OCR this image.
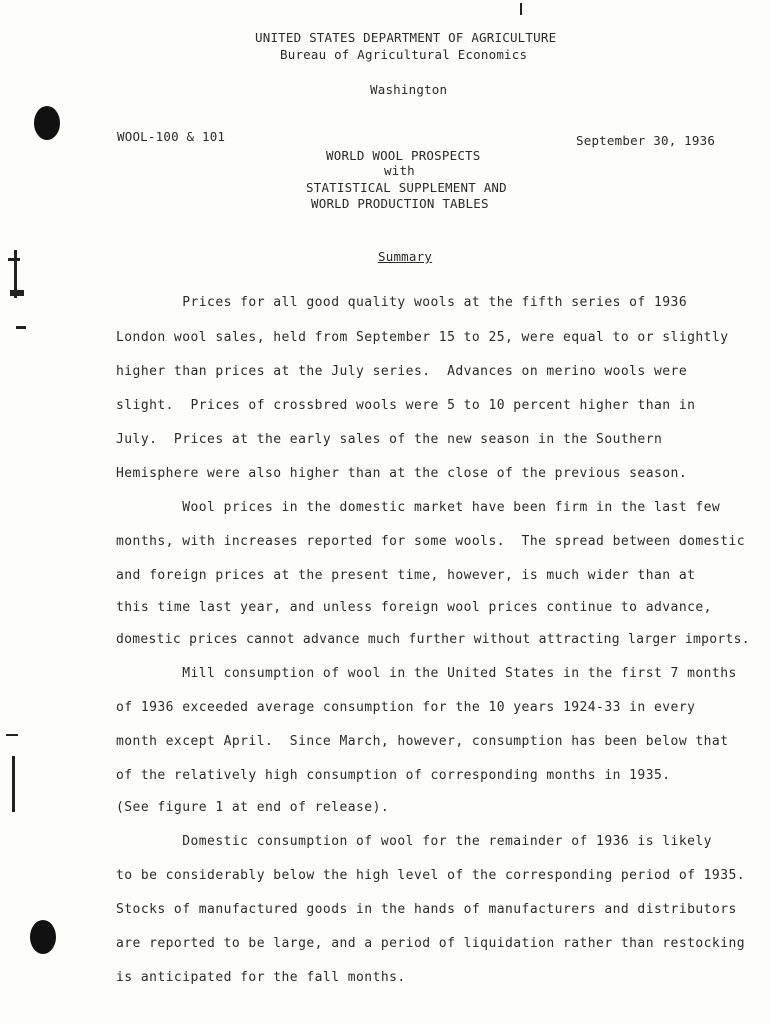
UNITED STATES DEPARTMENT OF AGRICULTURE
Bureau of Agricultural Economics
Washington
WOOL-100 & 101	September 30, 1936
WORLD WOOL PROSPECTS
with
STATISTICAL SUPPLEMENT AND
WORLD PRODUCTION TABLES
Summary
Prices for all good quality wools at the fifth series of 1936
London wool sales, held from September 15 to 25, were equal to or slightly
higher than prices at the July series.  Advances on merino wools were
slight.  Prices of crossbred wools were 5 to 10 percent higher than in
July.  Prices at the early sales of the new season in the Southern
Hemisphere were also higher than at the close of the previous season.
Wool prices in the domestic market have been firm in the last few
months, with increases reported for some wools.  The spread between domestic
and foreign prices at the present time, however, is much wider than at
this time last year, and unless foreign wool prices continue to advance,
domestic prices cannot advance much further without attracting larger imports.
Mill consumption of wool in the United States in the first 7 months
of 1936 exceeded average consumption for the 10 years 1924-33 in every
month except April.  Since March, however, consumption has been below that
of the relatively high consumption of corresponding months in 1935.
(See figure 1 at end of release).
Domestic consumption of wool for the remainder of 1936 is likely
to be considerably below the high level of the corresponding period of 1935.
Stocks of manufactured goods in the hands of manufacturers and distributors
are reported to be large, and a period of liquidation rather than restocking
is anticipated for the fall months.
